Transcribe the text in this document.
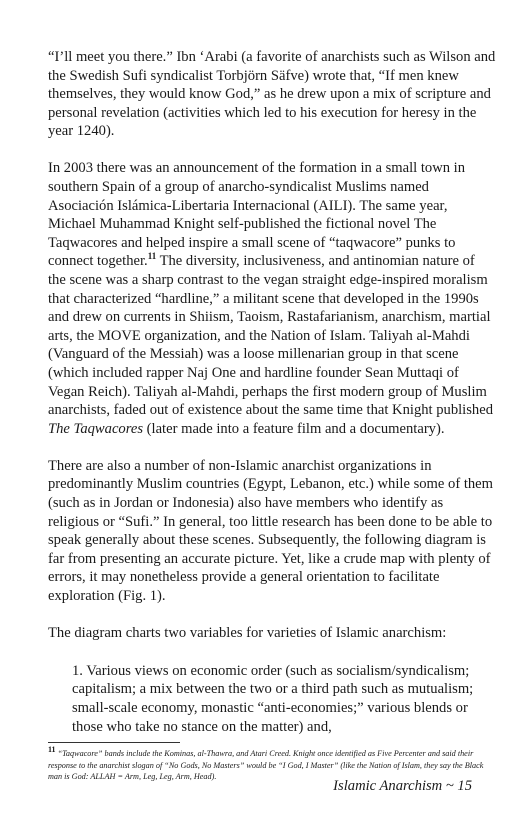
“I’ll meet you there.” Ibn ‘Arabi (a favorite of anarchists such as Wilson and the Swedish Sufi syndicalist Torbjörn Säfve) wrote that, “If men knew themselves, they would know God,” as he drew upon a mix of scripture and personal revelation (activities which led to his execution for heresy in the year 1240).

In 2003 there was an announcement of the formation in a small town in southern Spain of a group of anarcho-syndicalist Muslims named Asociación Islámica-Libertaria Internacional (AILI). The same year, Michael Muhammad Knight self-published the fictional novel The Taqwacores and helped inspire a small scene of “taqwacore” punks to connect together.$^{11}$ The diversity, inclusiveness, and antinomian nature of the scene was a sharp contrast to the vegan straight edge-inspired moralism that characterized “hardline,” a militant scene that developed in the 1990s and drew on currents in Shiism, Taoism, Rastafarianism, anarchism, martial arts, the MOVE organization, and the Nation of Islam. Taliyah al-Mahdi (Vanguard of the Messiah) was a loose millenarian group in that scene (which included rapper Naj One and hardline founder Sean Muttaqi of Vegan Reich). Taliyah al-Mahdi, perhaps the first modern group of Muslim anarchists, faded out of existence about the same time that Knight published The Taqwacores (later made into a feature film and a documentary).

There are also a number of non-Islamic anarchist organizations in predominantly Muslim countries (Egypt, Lebanon, etc.) while some of them (such as in Jordan or Indonesia) also have members who identify as religious or “Sufi.” In general, too little research has been done to be able to speak generally about these scenes. Subsequently, the following diagram is far from presenting an accurate picture. Yet, like a crude map with plenty of errors, it may nonetheless provide a general orientation to facilitate exploration (Fig. 1).

The diagram charts two variables for varieties of Islamic anarchism:

1. Various views on economic order (such as socialism/syndicalism; capitalism; a mix between the two or a third path such as mutualism; small-scale economy, monastic “anti-economies;” various blends or those who take no stance on the matter) and,

11 “Taqwacore” bands include the Kominas, al-Thawra, and Atari Creed. Knight once identified as Five Percenter and said their response to the anarchist slogan of “No Gods, No Masters” would be “I God, I Master” (like the Nation of Islam, they say the Black man is God: ALLAH = Arm, Leg, Leg, Arm, Head).

Islamic Anarchism ~ 15
